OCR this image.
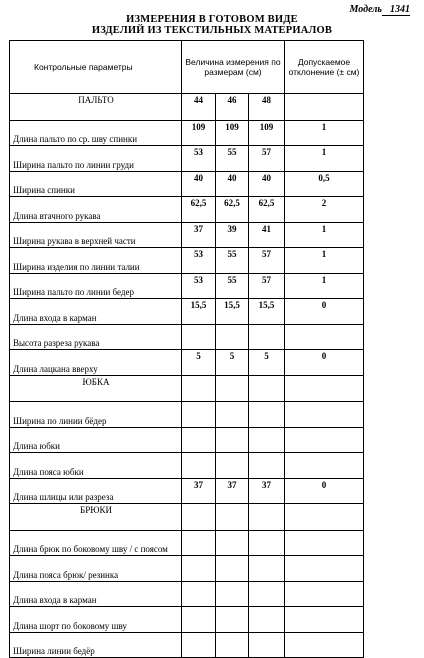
Модель 1341
ИЗМЕРЕНИЯ В ГОТОВОМ ВИДЕ
ИЗДЕЛИЙ ИЗ ТЕКСТИЛЬНЫХ МАТЕРИАЛОВ
Контрольные параметры	Величина измерения по размерам (см)			Допускаемое отклонение (± см)
ПАЛЬТО	44	46	48	
Длина пальто по ср. шву спинки	109	109	109	1
Ширина пальто по линии груди	53	55	57	1
Ширина спинки	40	40	40	0,5
Длина втачного рукава	62,5	62,5	62,5	2
Ширина рукава в верхней части	37	39	41	1
Ширина изделия по линии талии	53	55	57	1
Ширина пальто по линии бедер	53	55	57	1
Длина входа в карман	15,5	15,5	15,5	0
Высота разреза рукава				
Длина лацкана вверху	5	5	5	0
ЮБКА				
Ширина по линии бёдер				
Длина юбки				
Длина пояса юбки				
Длина шлицы или разреза	37	37	37	0
БРЮКИ				
Длина брюк по боковому шву / с поясом				
Длина пояса брюк/ резинка				
Длина входа в карман				
Длина шорт по боковому шву				
Ширина линии бедёр				
